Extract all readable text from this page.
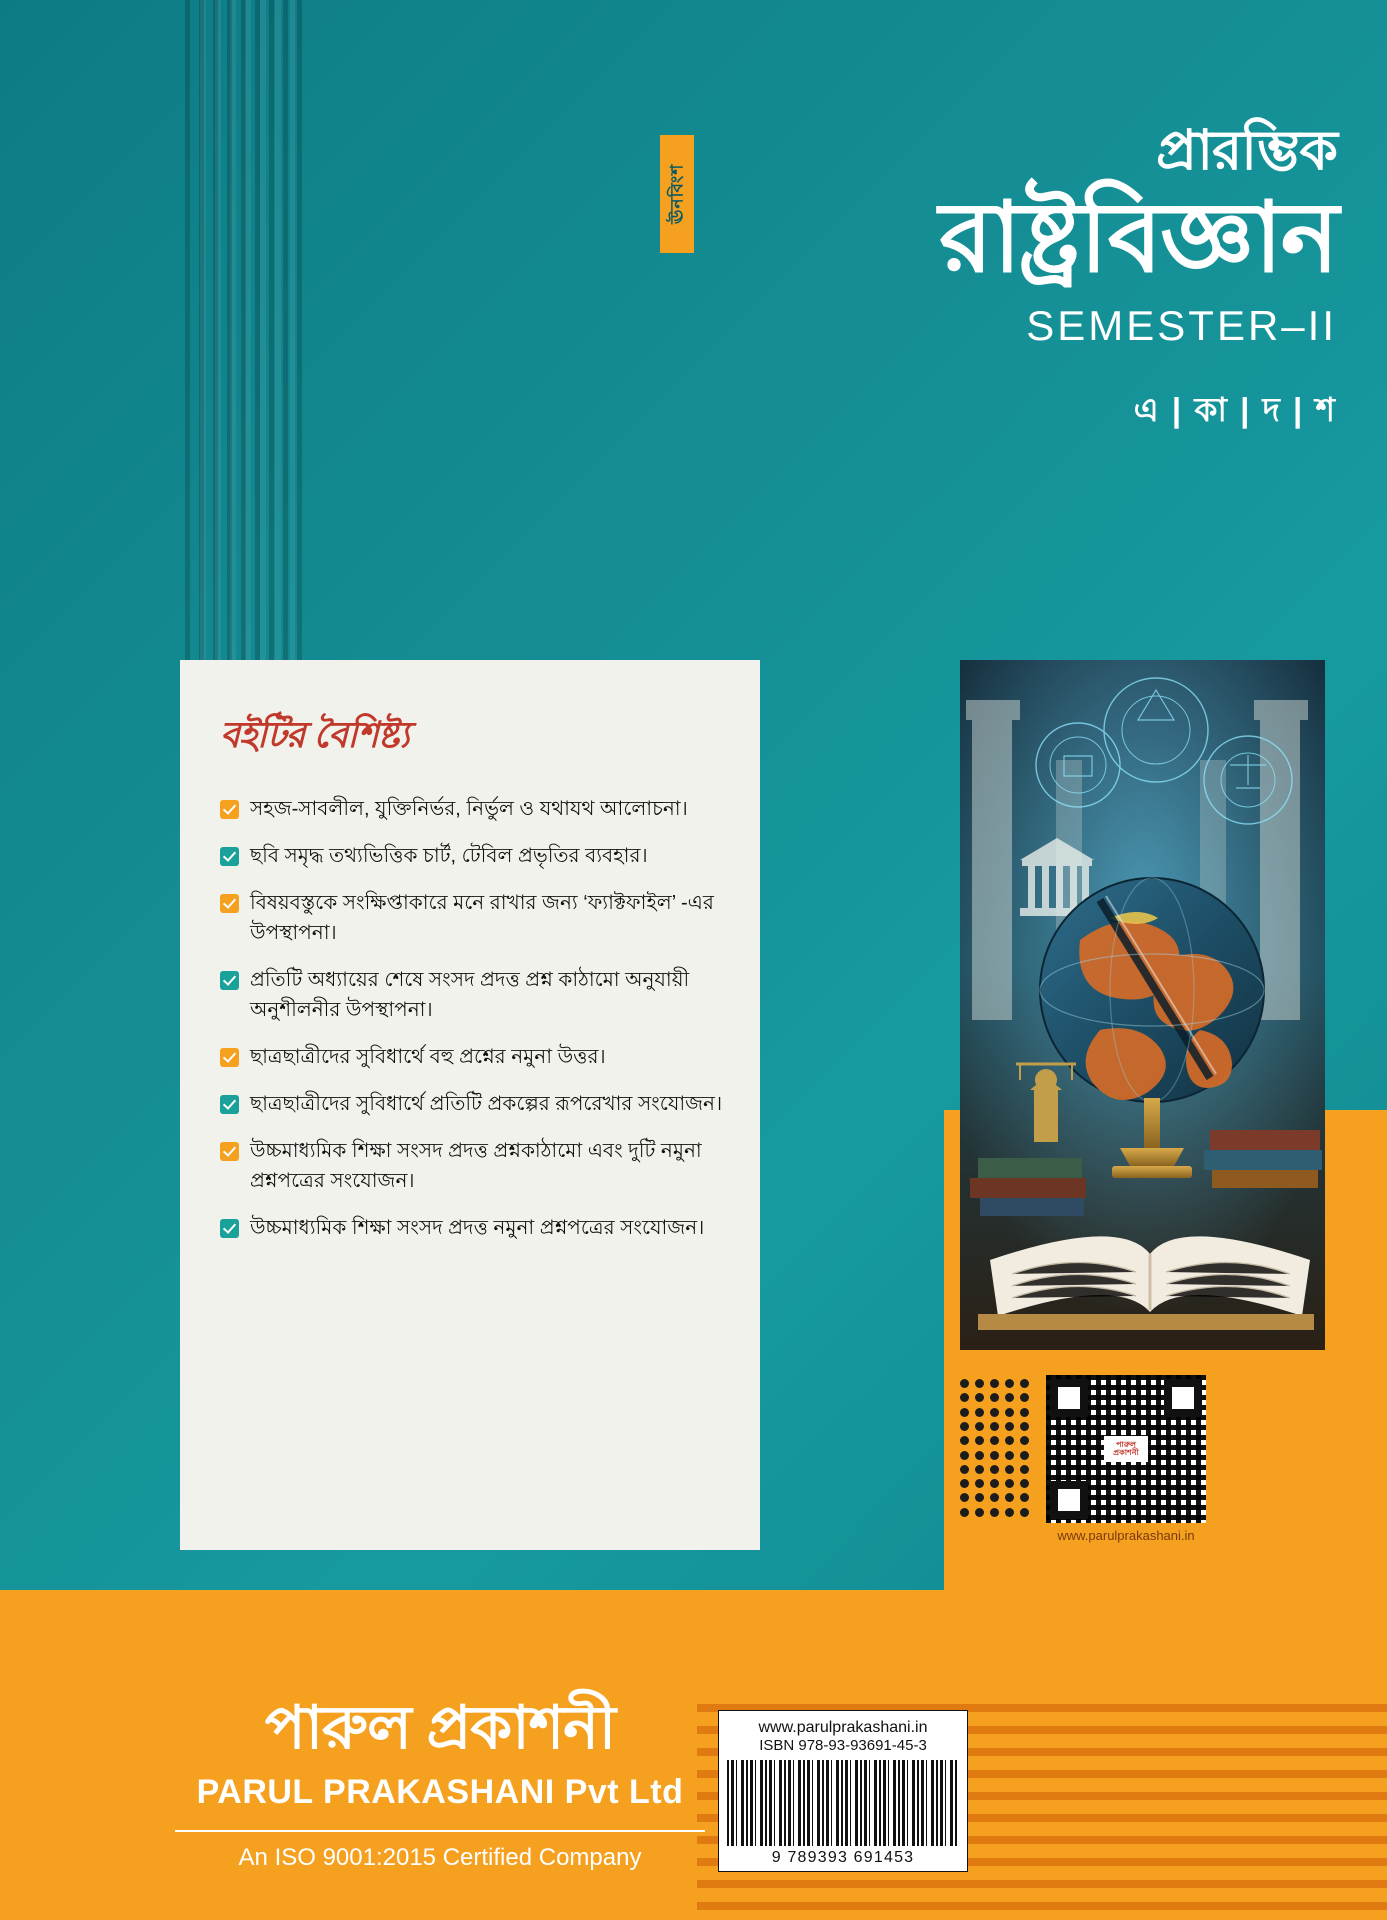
ঊনবিংশ
প্রারম্ভিক
রাষ্ট্রবিজ্ঞান
SEMESTER–II
এ | কা | দ | শ
বইটির বৈশিষ্ট্য
সহজ-সাবলীল, যুক্তিনির্ভর, নির্ভুল ও যথাযথ আলোচনা।
ছবি সমৃদ্ধ তথ্যভিত্তিক চার্ট, টেবিল প্রভৃতির ব্যবহার।
বিষয়বস্তুকে সংক্ষিপ্তাকারে মনে রাখার জন্য ‘ফ্যাক্টফাইল’ -এর উপস্থাপনা।
প্রতিটি অধ্যায়ের শেষে সংসদ প্রদত্ত প্রশ্ন কাঠামো অনুযায়ী অনুশীলনীর উপস্থাপনা।
ছাত্রছাত্রীদের সুবিধার্থে বহু প্রশ্নের নমুনা উত্তর।
ছাত্রছাত্রীদের সুবিধার্থে প্রতিটি প্রকল্পের রূপরেখার সংযোজন।
উচ্চমাধ্যমিক শিক্ষা সংসদ প্রদত্ত প্রশ্নকাঠামো এবং দুটি নমুনা প্রশ্নপত্রের সংযোজন।
উচ্চমাধ্যমিক শিক্ষা সংসদ প্রদত্ত নমুনা প্রশ্নপত্রের সংযোজন।
পারুল প্রকাশনী
www.parulprakashani.in
পারুল প্রকাশনী
PARUL PRAKASHANI Pvt Ltd
An ISO 9001:2015 Certified Company
www.parulprakashani.in
ISBN 978-93-93691-45-3
9 789393 691453
